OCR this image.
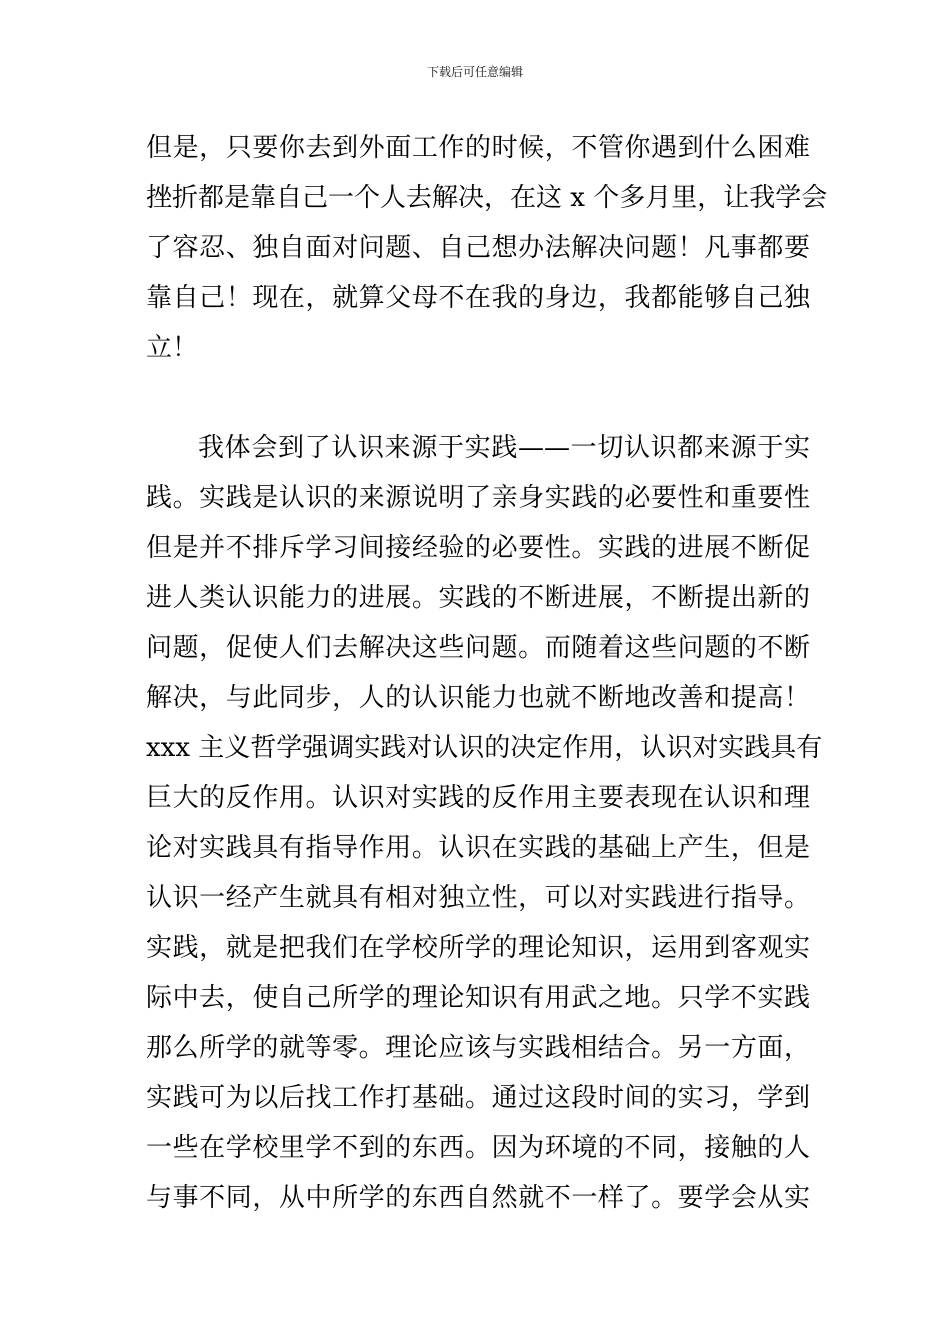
下载后可任意编辑
但是，只要你去到外面工作的时候，不管你遇到什么困难
挫折都是靠自己一个人去解决，在这 x 个多月里，让我学会
了容忍、独自面对问题、自己想办法解决问题！凡事都要
靠自己！现在，就算父母不在我的身边，我都能够自己独
立！
我体会到了认识来源于实践——一切认识都来源于实
践。实践是认识的来源说明了亲身实践的必要性和重要性
但是并不排斥学习间接经验的必要性。实践的进展不断促
进人类认识能力的进展。实践的不断进展，不断提出新的
问题，促使人们去解决这些问题。而随着这些问题的不断
解决，与此同步，人的认识能力也就不断地改善和提高！
xxx 主义哲学强调实践对认识的决定作用，认识对实践具有
巨大的反作用。认识对实践的反作用主要表现在认识和理
论对实践具有指导作用。认识在实践的基础上产生，但是
认识一经产生就具有相对独立性，可以对实践进行指导。
实践，就是把我们在学校所学的理论知识，运用到客观实
际中去，使自己所学的理论知识有用武之地。只学不实践
那么所学的就等零。理论应该与实践相结合。另一方面，
实践可为以后找工作打基础。通过这段时间的实习，学到
一些在学校里学不到的东西。因为环境的不同，接触的人
与事不同，从中所学的东西自然就不一样了。要学会从实
